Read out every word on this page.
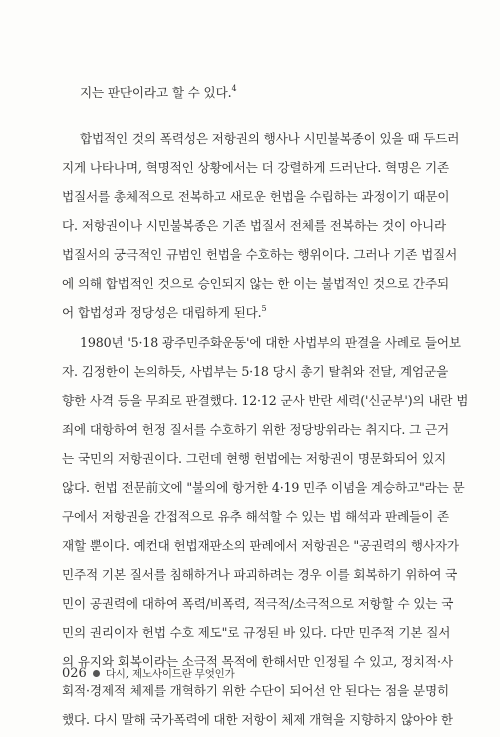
지는 판단이라고 할 수 있다.$^4$
합법적인 것의 폭력성은 저항권의 행사나 시민불복종이 있을 때 두드러
지게 나타나며, 혁명적인 상황에서는 더 강렬하게 드러난다. 혁명은 기존
법질서를 총체적으로 전복하고 새로운 헌법을 수립하는 과정이기 때문이
다. 저항권이나 시민불복종은 기존 법질서 전체를 전복하는 것이 아니라
법질서의 궁극적인 규범인 헌법을 수호하는 행위이다. 그러나 기존 법질서
에 의해 합법적인 것으로 승인되지 않는 한 이는 불법적인 것으로 간주되
어 합법성과 정당성은 대립하게 된다.$^5$
1980년 '5·18 광주민주화운동'에 대한 사법부의 판결을 사례로 들어보
자. 김정한이 논의하듯, 사법부는 5·18 당시 총기 탈취와 전달, 계엄군을
향한 사격 등을 무죄로 판결했다. 12·12 군사 반란 세력('신군부')의 내란 범
죄에 대항하여 헌정 질서를 수호하기 위한 정당방위라는 취지다. 그 근거
는 국민의 저항권이다. 그런데 현행 헌법에는 저항권이 명문화되어 있지
않다. 헌법 전문前文에 "불의에 항거한 4·19 민주 이념을 계승하고"라는 문
구에서 저항권을 간접적으로 유추 해석할 수 있는 법 해석과 판례들이 존
재할 뿐이다. 예컨대 헌법재판소의 판례에서 저항권은 "공권력의 행사자가
민주적 기본 질서를 침해하거나 파괴하려는 경우 이를 회복하기 위하여 국
민이 공권력에 대하여 폭력/비폭력, 적극적/소극적으로 저항할 수 있는 국
민의 권리이자 헌법 수호 제도"로 규정된 바 있다. 다만 민주적 기본 질서
의 유지와 회복이라는 소극적 목적에 한해서만 인정될 수 있고, 정치적·사
회적·경제적 체제를 개혁하기 위한 수단이 되어선 안 된다는 점을 분명히
했다. 다시 말해 국가폭력에 대한 저항이 체제 개혁을 지향하지 않아야 한
026 다시, 제노사이드란 무엇인가
